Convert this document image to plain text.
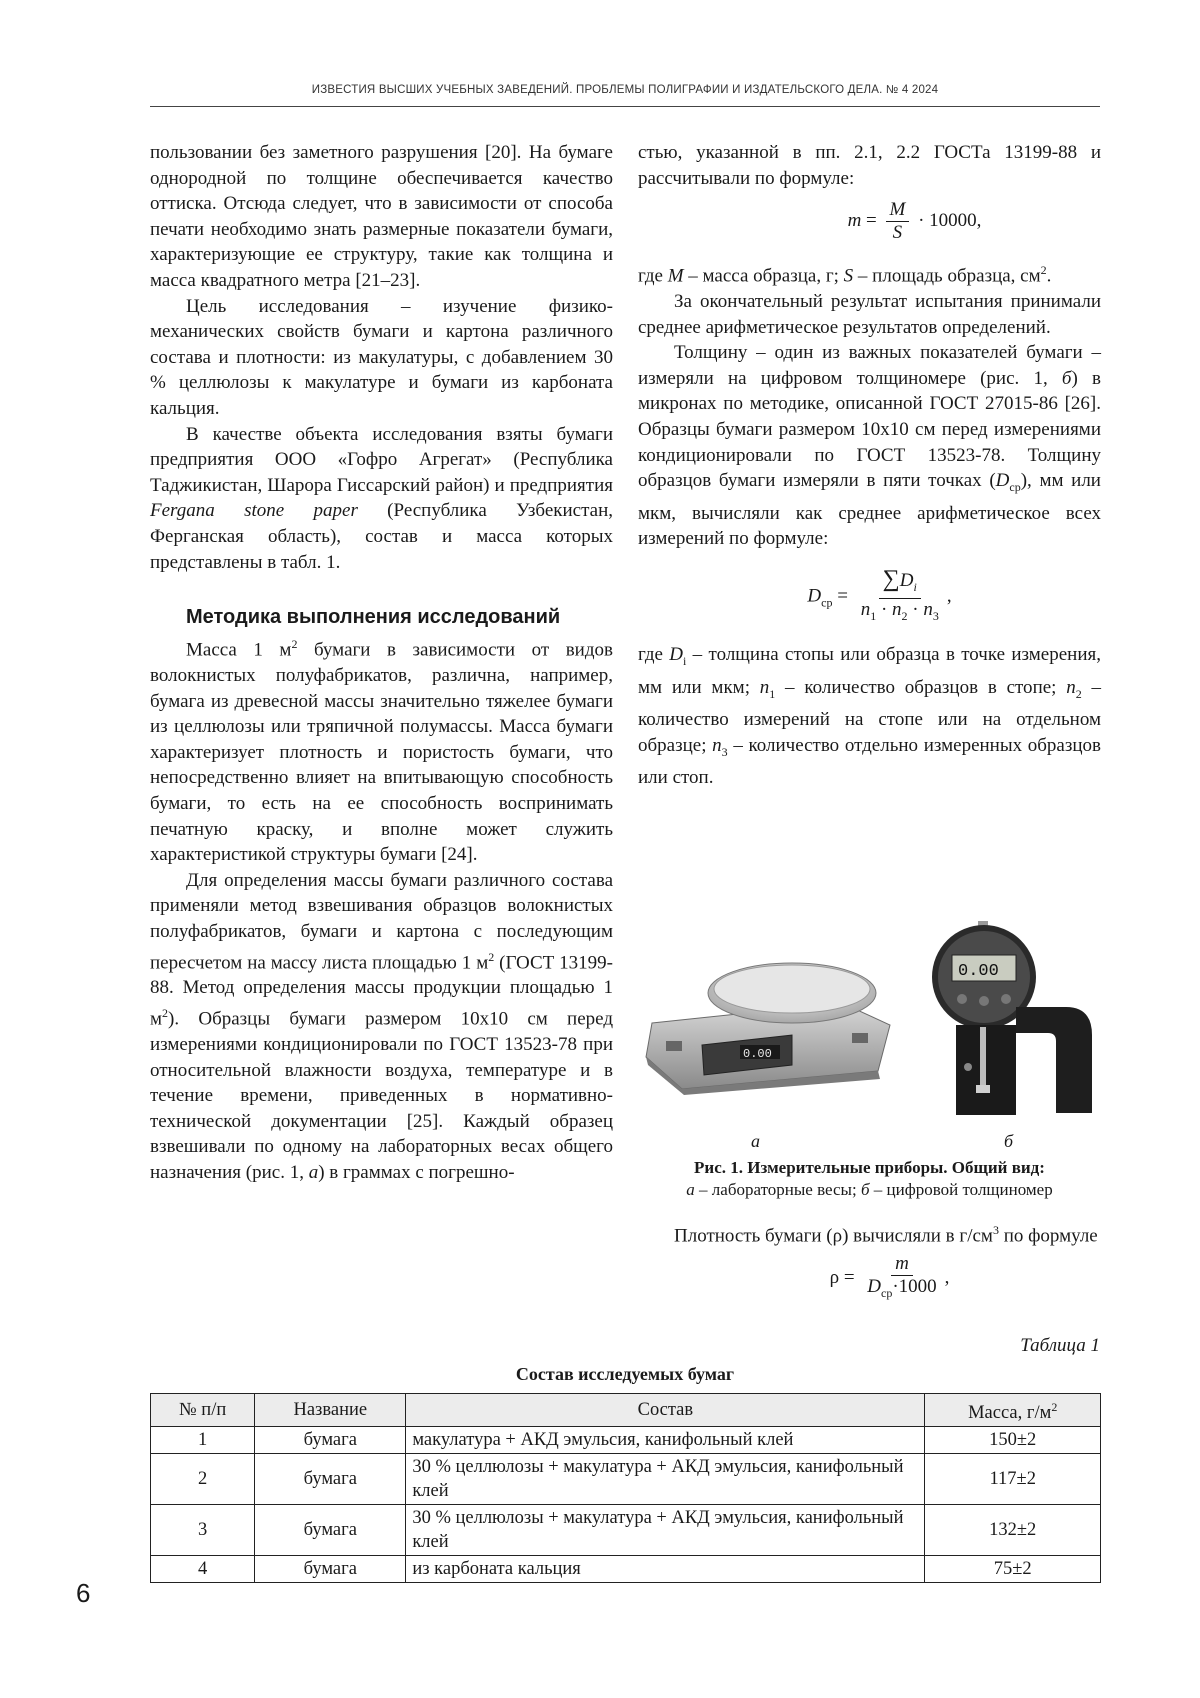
ИЗВЕСТИЯ ВЫСШИХ УЧЕБНЫХ ЗАВЕДЕНИЙ. ПРОБЛЕМЫ ПОЛИГРАФИИ И ИЗДАТЕЛЬСКОГО ДЕЛА. № 4 2024

пользовании без заметного разрушения [20]. На бумаге однородной по толщине обеспечивается качество оттиска. Отсюда следует, что в зависимости от способа печати необходимо знать размерные показатели бумаги, характеризующие ее структуру, такие как толщина и масса квадратного метра [21–23].

Цель исследования – изучение физико-механических свойств бумаги и картона различного состава и плотности: из макулатуры, с добавлением 30 % целлюлозы к макулатуре и бумаги из карбоната кальция.

В качестве объекта исследования взяты бумаги предприятия ООО «Гофро Агрегат» (Республика Таджикистан, Шарора Гиссарский район) и предприятия Fergana stone paper (Республика Узбекистан, Ферганская область), состав и масса которых представлены в табл. 1.

Методика выполнения исследований

Масса 1 $м^2$ бумаги в зависимости от видов волокнистых полуфабрикатов, различна, например, бумага из древесной массы значительно тяжелее бумаги из целлюлозы или тряпичной полумассы. Масса бумаги характеризует плотность и пористость бумаги, что непосредственно влияет на впитывающую способность бумаги, то есть на ее способность воспринимать печатную краску, и вполне может служить характеристикой структуры бумаги [24].

Для определения массы бумаги различного состава применяли метод взвешивания образцов волокнистых полуфабрикатов, бумаги и картона с последующим пересчетом на массу листа площадью 1 $м^2$ (ГОСТ 13199-88. Метод определения массы продукции площадью 1 $м^2$). Образцы бумаги размером 10х10 см перед измерениями кондиционировали по ГОСТ 13523-78 при относительной влажности воздуха, температуре и в течение времени, приведенных в нормативно-технической документации [25]. Каждый образец взвешивали по одному на лабораторных весах общего назначения (рис. 1, а) в граммах с погрешно-

стью, указанной в пп. 2.1, 2.2 ГОСТа 13199-88 и рассчитывали по формуле:

$m = \frac{M}{S} \cdot 10000$,

где M – масса образца, г; S – площадь образца, $см^2$.

За окончательный результат испытания принимали среднее арифметическое результатов определений.

Толщину – один из важных показателей бумаги – измеряли на цифровом толщиномере (рис. 1, б) в микронах по методике, описанной ГОСТ 27015-86 [26]. Образцы бумаги размером 10х10 см перед измерениями кондиционировали по ГОСТ 13523-78. Толщину образцов бумаги измеряли в пяти точках $(D_{ср})$, мм или мкм, вычисляли как среднее арифметическое всех измерений по формуле:

$D_{ср} = \frac{\sum D_i}{n_1 \cdot n_2 \cdot n_3}$ ,

где $D_i$ – толщина стопы или образца в точке измерения, мм или мкм; $n_1$ – количество образцов в стопе; $n_2$ – количество измерений на стопе или на отдельном образце; $n_3$ – количество отдельно измеренных образцов или стоп.

0.00
0.00
а	б
Рис. 1. Измерительные приборы. Общий вид:
а – лабораторные весы; б – цифровой толщиномер

Плотность бумаги (ρ) вычисляли в $г/см^3$ по формуле

$\rho = \frac{m}{D_{ср}\cdot 1000}$ ,
Таблица 1
Состав исследуемых бумаг
№ п/п	Название	Состав	Масса, $г/м^2$
1	бумага	макулатура + АКД эмульсия, канифольный клей	150±2
2	бумага	30 % целлюлозы + макулатура + АКД эмульсия, канифольный клей	117±2
3	бумага	30 % целлюлозы + макулатура + АКД эмульсия, канифольный клей	132±2
4	бумага	из карбоната кальция	75±2
6
